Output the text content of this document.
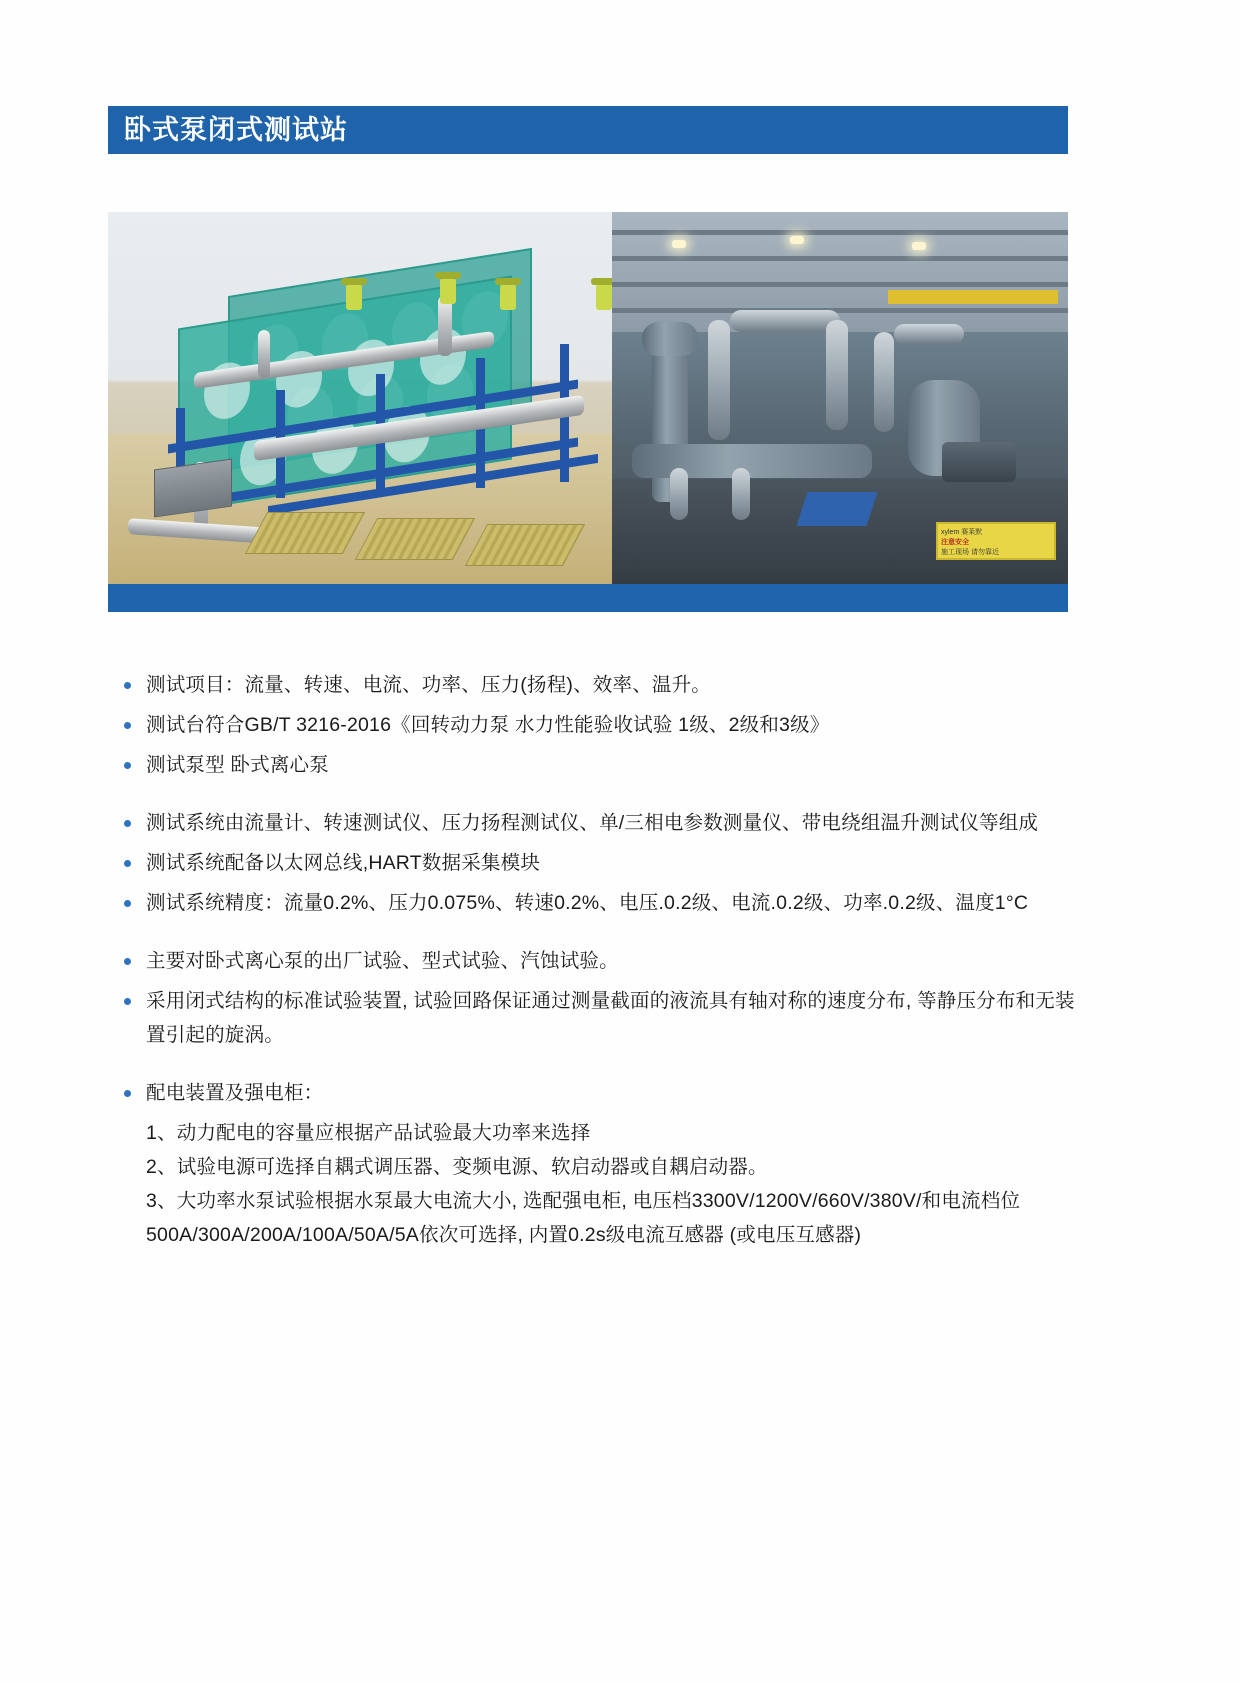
卧式泵闭式测试站
xylem 赛莱默
注意安全
施工现场 请勿靠近

测试项目：流量、转速、电流、功率、压力(扬程)、效率、温升。

测试台符合GB/T 3216-2016《回转动力泵 水力性能验收试验 1级、2级和3级》

测试泵型 卧式离心泵

测试系统由流量计、转速测试仪、压力扬程测试仪、单/三相电参数测量仪、带电绕组温升测试仪等组成

测试系统配备以太网总线,HART数据采集模块

测试系统精度：流量0.2%、压力0.075%、转速0.2%、电压.0.2级、电流.0.2级、功率.0.2级、温度1°C

主要对卧式离心泵的出厂试验、型式试验、汽蚀试验。

采用闭式结构的标准试验装置, 试验回路保证通过测量截面的液流具有轴对称的速度分布, 等静压分布和无装置引起的旋涡。

配电装置及强电柜：

1、动力配电的容量应根据产品试验最大功率来选择

2、试验电源可选择自耦式调压器、变频电源、软启动器或自耦启动器。

3、大功率水泵试验根据水泵最大电流大小, 选配强电柜, 电压档3300V/1200V/660V/380V/和电流档位500A/300A/200A/100A/50A/5A依次可选择, 内置0.2s级电流互感器 (或电压互感器)
